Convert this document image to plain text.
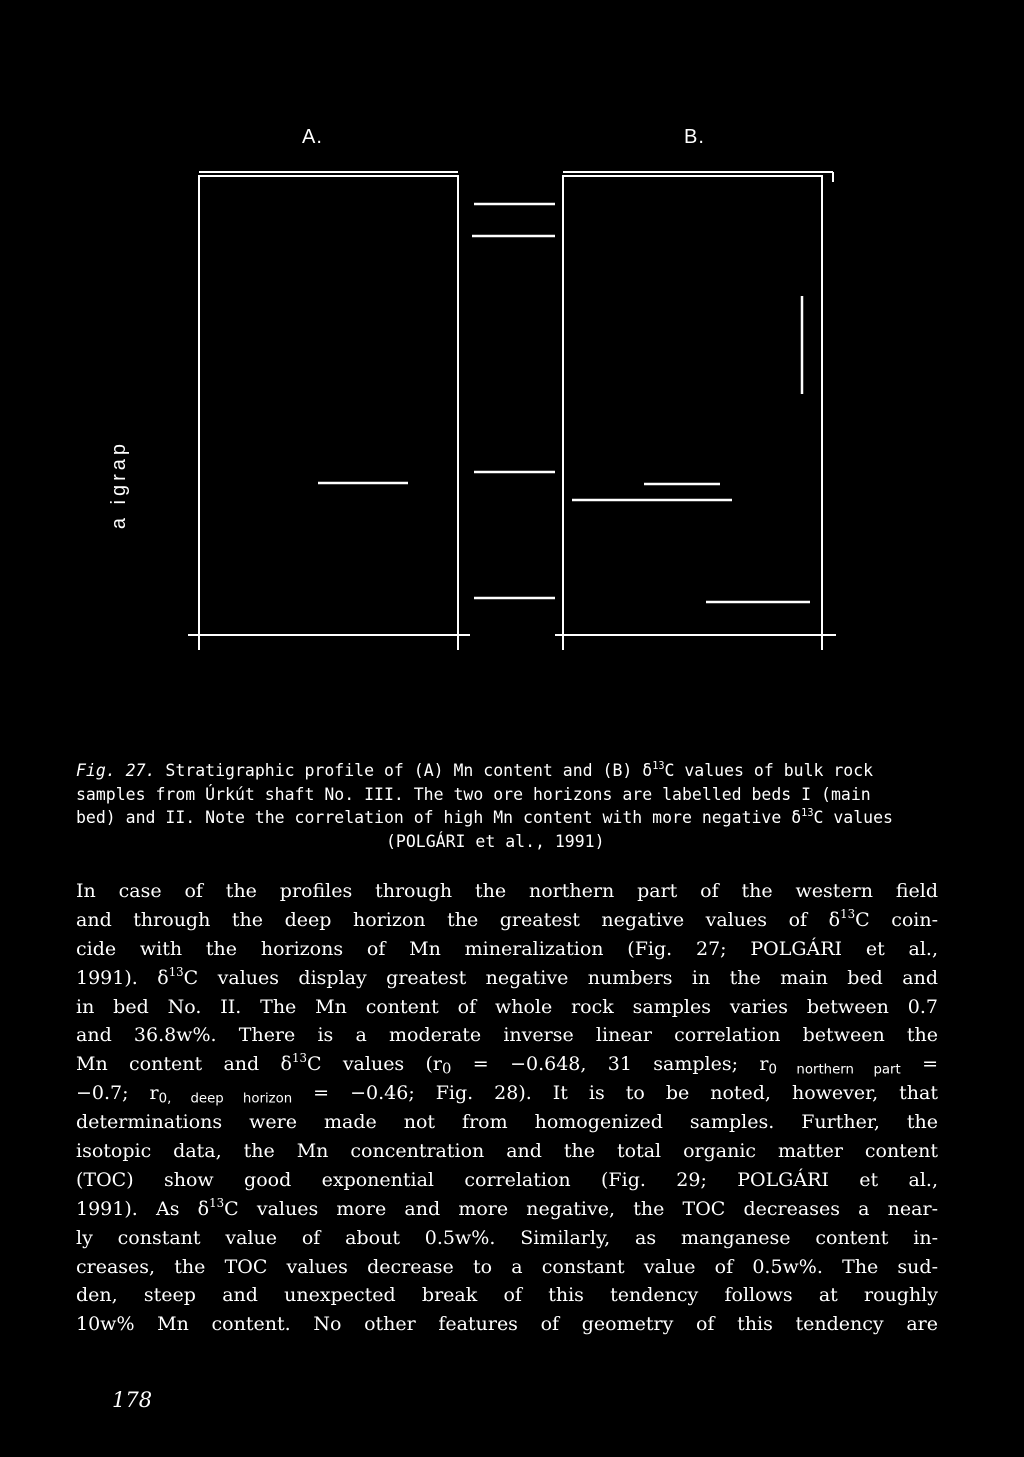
A.	B.
a igrap
Fig. 27. Stratigraphic profile of (A) Mn content and (B) $\delta^{13}C$ values of bulk rock
samples from Úrkút shaft No. III. The two ore horizons are labelled beds I (main
bed) and II. Note the correlation of high Mn content with more negative $\delta^{13}C$ values
(POLGÁRI et al., 1991)
In case of the profiles through the northern part of the western field
and through the deep horizon the greatest negative values of $\delta^{13}C$ coin-
cide with the horizons of Mn mineralization (Fig. 27; POLGÁRI et al.,
1991). $\delta^{13}C$ values display greatest negative numbers in the main bed and
in bed No. II. The Mn content of whole rock samples varies between 0.7
and 36.8w%. There is a moderate inverse linear correlation between the
Mn content and $\delta^{13}C$ values ($r_0 = -0.648$, 31 samples; $r_{0 northern part}$ =
−0.7; $r_{0, deep horizon} = -0.46$; Fig. 28). It is to be noted, however, that
determinations were made not from homogenized samples. Further, the
isotopic data, the Mn concentration and the total organic matter content
(TOC) show good exponential correlation (Fig. 29; POLGÁRI et al.,
1991). As $\delta^{13}C$ values more and more negative, the TOC decreases a near-
ly constant value of about 0.5w%. Similarly, as manganese content in-
creases, the TOC values decrease to a constant value of 0.5w%. The sud-
den, steep and unexpected break of this tendency follows at roughly
10w% Mn content. No other features of geometry of this tendency are
178
